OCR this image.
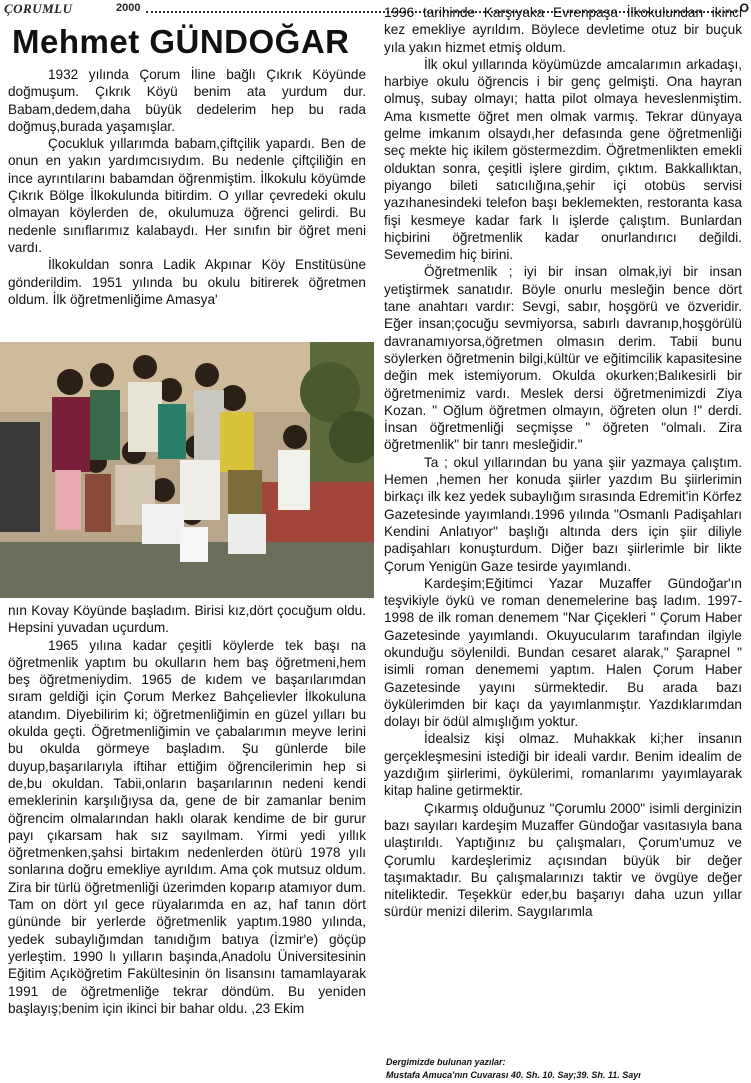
ÇORUMLU	2000	O
Mehmet GÜNDOĞAR

1932 yılında Çorum İline bağlı Çıkrık Köyünde doğmuşum. Çıkrık Köyü benim ata yurdum dur. Babam,dedem,daha büyük dedelerim hep bu rada doğmuş,burada yaşamışlar.

Çocukluk yıllarımda babam,çiftçilik yapardı. Ben de onun en yakın yardımcısıydım. Bu nedenle çiftçiliğin en ince ayrıntılarını babamdan öğrenmiştim. İlkokulu köyümde Çıkrık Bölge İlkokulunda bitirdim. O yıllar çevredeki okulu olmayan köylerden de, okulumuza öğrenci gelirdi. Bu nedenle sınıflarımız kalabaydı. Her sınıfın bir öğret meni vardı.

İlkokuldan sonra Ladik Akpınar Köy Enstitüsüne gönderildim. 1951 yılında bu okulu bitirerek öğretmen oldum. İlk öğretmenliğime Amasya'

nın Kovay Köyünde başladım. Birisi kız,dört çocuğum oldu. Hepsini yuvadan uçurdum.

1965 yılına kadar çeşitli köylerde tek başı na öğretmenlik yaptım bu okulların hem baş öğretmeni,hem beş öğretmeniydim. 1965 de kıdem ve başarılarımdan sıram geldiği için Çorum Merkez Bahçelievler İlkokuluna atandım. Diyebilirim ki; öğretmenliğimin en güzel yılları bu okulda geçti. Öğretmenliğimin ve çabalarımın meyve lerini bu okulda görmeye başladım. Şu günlerde bile duyup,başarılarıyla iftihar ettiğim öğrencilerimin hep si de,bu okuldan. Tabii,onların başarılarının nedeni kendi emeklerinin karşılığıysa da, gene de bir zamanlar benim öğrencim olmalarından haklı olarak kendime de bir gurur payı çıkarsam hak sız sayılmam. Yirmi yedi yıllık öğretmenken,şahsi birtakım nedenlerden ötürü 1978 yılı sonlarına doğru emekliye ayrıldım. Ama çok mutsuz oldum. Zira bir türlü öğretmenliği üzerimden koparıp atamıyor dum. Tam on dört yıl gece rüyalarımda en az, haf tanın dört gününde bir yerlerde öğretmenlik yaptım.1980 yılında, yedek subaylığımdan tanıdığım batıya (İzmir'e) göçüp yerleştim. 1990 lı yılların başında,Anadolu Üniversitesinin Eğitim Açıköğretim Fakültesinin ön lisansını tamamlayarak 1991 de öğretmenliğe tekrar döndüm. Bu yeniden başlayış;benim için ikinci bir bahar oldu. ,23 Ekim

1996 tarihinde Karşıyaka Evrenpaşa İlkokulundan ikinci kez emekliye ayrıldım. Böylece devletime otuz bir buçuk yıla yakın hizmet etmiş oldum.

İlk okul yıllarında köyümüzde amcalarımın arkadaşı, harbiye okulu öğrencis i bir genç gelmişti. Ona hayran olmuş, subay olmayı; hatta pilot olmaya heveslenmiştim. Ama kısmette öğret men olmak varmış. Tekrar dünyaya gelme imkanım olsaydı,her defasında gene öğretmenliği seç mekte hiç ikilem göstermezdim. Öğretmenlikten emekli olduktan sonra, çeşitli işlere girdim, çıktım. Bakkallıktan, piyango bileti satıcılığına,şehir içi otobüs servisi yazıhanesindeki telefon başı beklemekten, restoranta kasa fişi kesmeye kadar fark lı işlerde çalıştım. Bunlardan hiçbirini öğretmenlik kadar onurlandırıcı değildi. Sevemedim hiç birini.

Öğretmenlik ; iyi bir insan olmak,iyi bir insan yetiştirmek sanatıdır. Böyle onurlu mesleğin bence dört tane anahtarı vardır: Sevgi, sabır, hoşgörü ve özveridir. Eğer insan;çocuğu sevmiyorsa, sabırlı davranıp,hoşgörülü davranamıyorsa,öğretmen olmasın derim. Tabii bunu söylerken öğretmenin bilgi,kültür ve eğitimcilik kapasitesine değin mek istemiyorum. Okulda okurken;Balıkesirli bir öğretmenimiz vardı. Meslek dersi öğretmenimizdi Ziya Kozan. " Oğlum öğretmen olmayın, öğreten olun !" derdi. İnsan öğretmenliği seçmişse " öğreten "olmalı. Zira öğretmenlik" bir tanrı mesleğidir."

Ta ; okul yıllarından bu yana şiir yazmaya çalıştım. Hemen ,hemen her konuda şiirler yazdım Bu şiirlerimin birkaçı ilk kez yedek subaylığım sırasında Edremit'in Körfez Gazetesinde yayımlandı.1996 yılında "Osmanlı Padişahları Kendini Anlatıyor" başlığı altında ders için şiir diliyle padişahları konuşturdum. Diğer bazı şiirlerimle bir likte Çorum Yenigün Gaze tesirde yayımlandı.

Kardeşim;Eğitimci Yazar Muzaffer Gündoğar'ın teşvikiyle öykü ve roman denemelerine baş ladım. 1997-1998 de ilk roman denemem "Nar Çiçekleri " Çorum Haber Gazetesinde yayımlandı. Okuyucularım tarafından ilgiyle okunduğu söylenildi. Bundan cesaret alarak," Şarapnel " isimli roman denememi yaptım. Halen Çorum Haber Gazetesinde yayını sürmektedir. Bu arada bazı öykülerimden bir kaçı da yayımlanmıştır. Yazdıklarımdan dolayı bir ödül almışlığım yoktur.

İdealsiz kişi olmaz. Muhakkak ki;her insanın gerçekleşmesini istediği bir ideali vardır. Benim idealim de yazdığım şiirlerimi, öykülerimi, romanlarımı yayımlayarak kitap haline getirmektir.

Çıkarmış olduğunuz "Çorumlu 2000" isimli derginizin bazı sayıları kardeşim Muzaffer Gündoğar vasıtasıyla bana ulaştırıldı. Yaptığınız bu çalışmaları, Çorum'umuz ve Çorumlu kardeşlerimiz açısından büyük bir değer taşımaktadır. Bu çalışmalarınızı taktir ve övgüye değer niteliktedir. Teşekkür eder,bu başarıyı daha uzun yıllar sürdür menizi dilerim. Saygılarımla

Dergimizde bulunan yazılar:
Mustafa Amuca'nın Cuvarası 40. Sh. 10. Say;39. Sh. 11. Sayı
